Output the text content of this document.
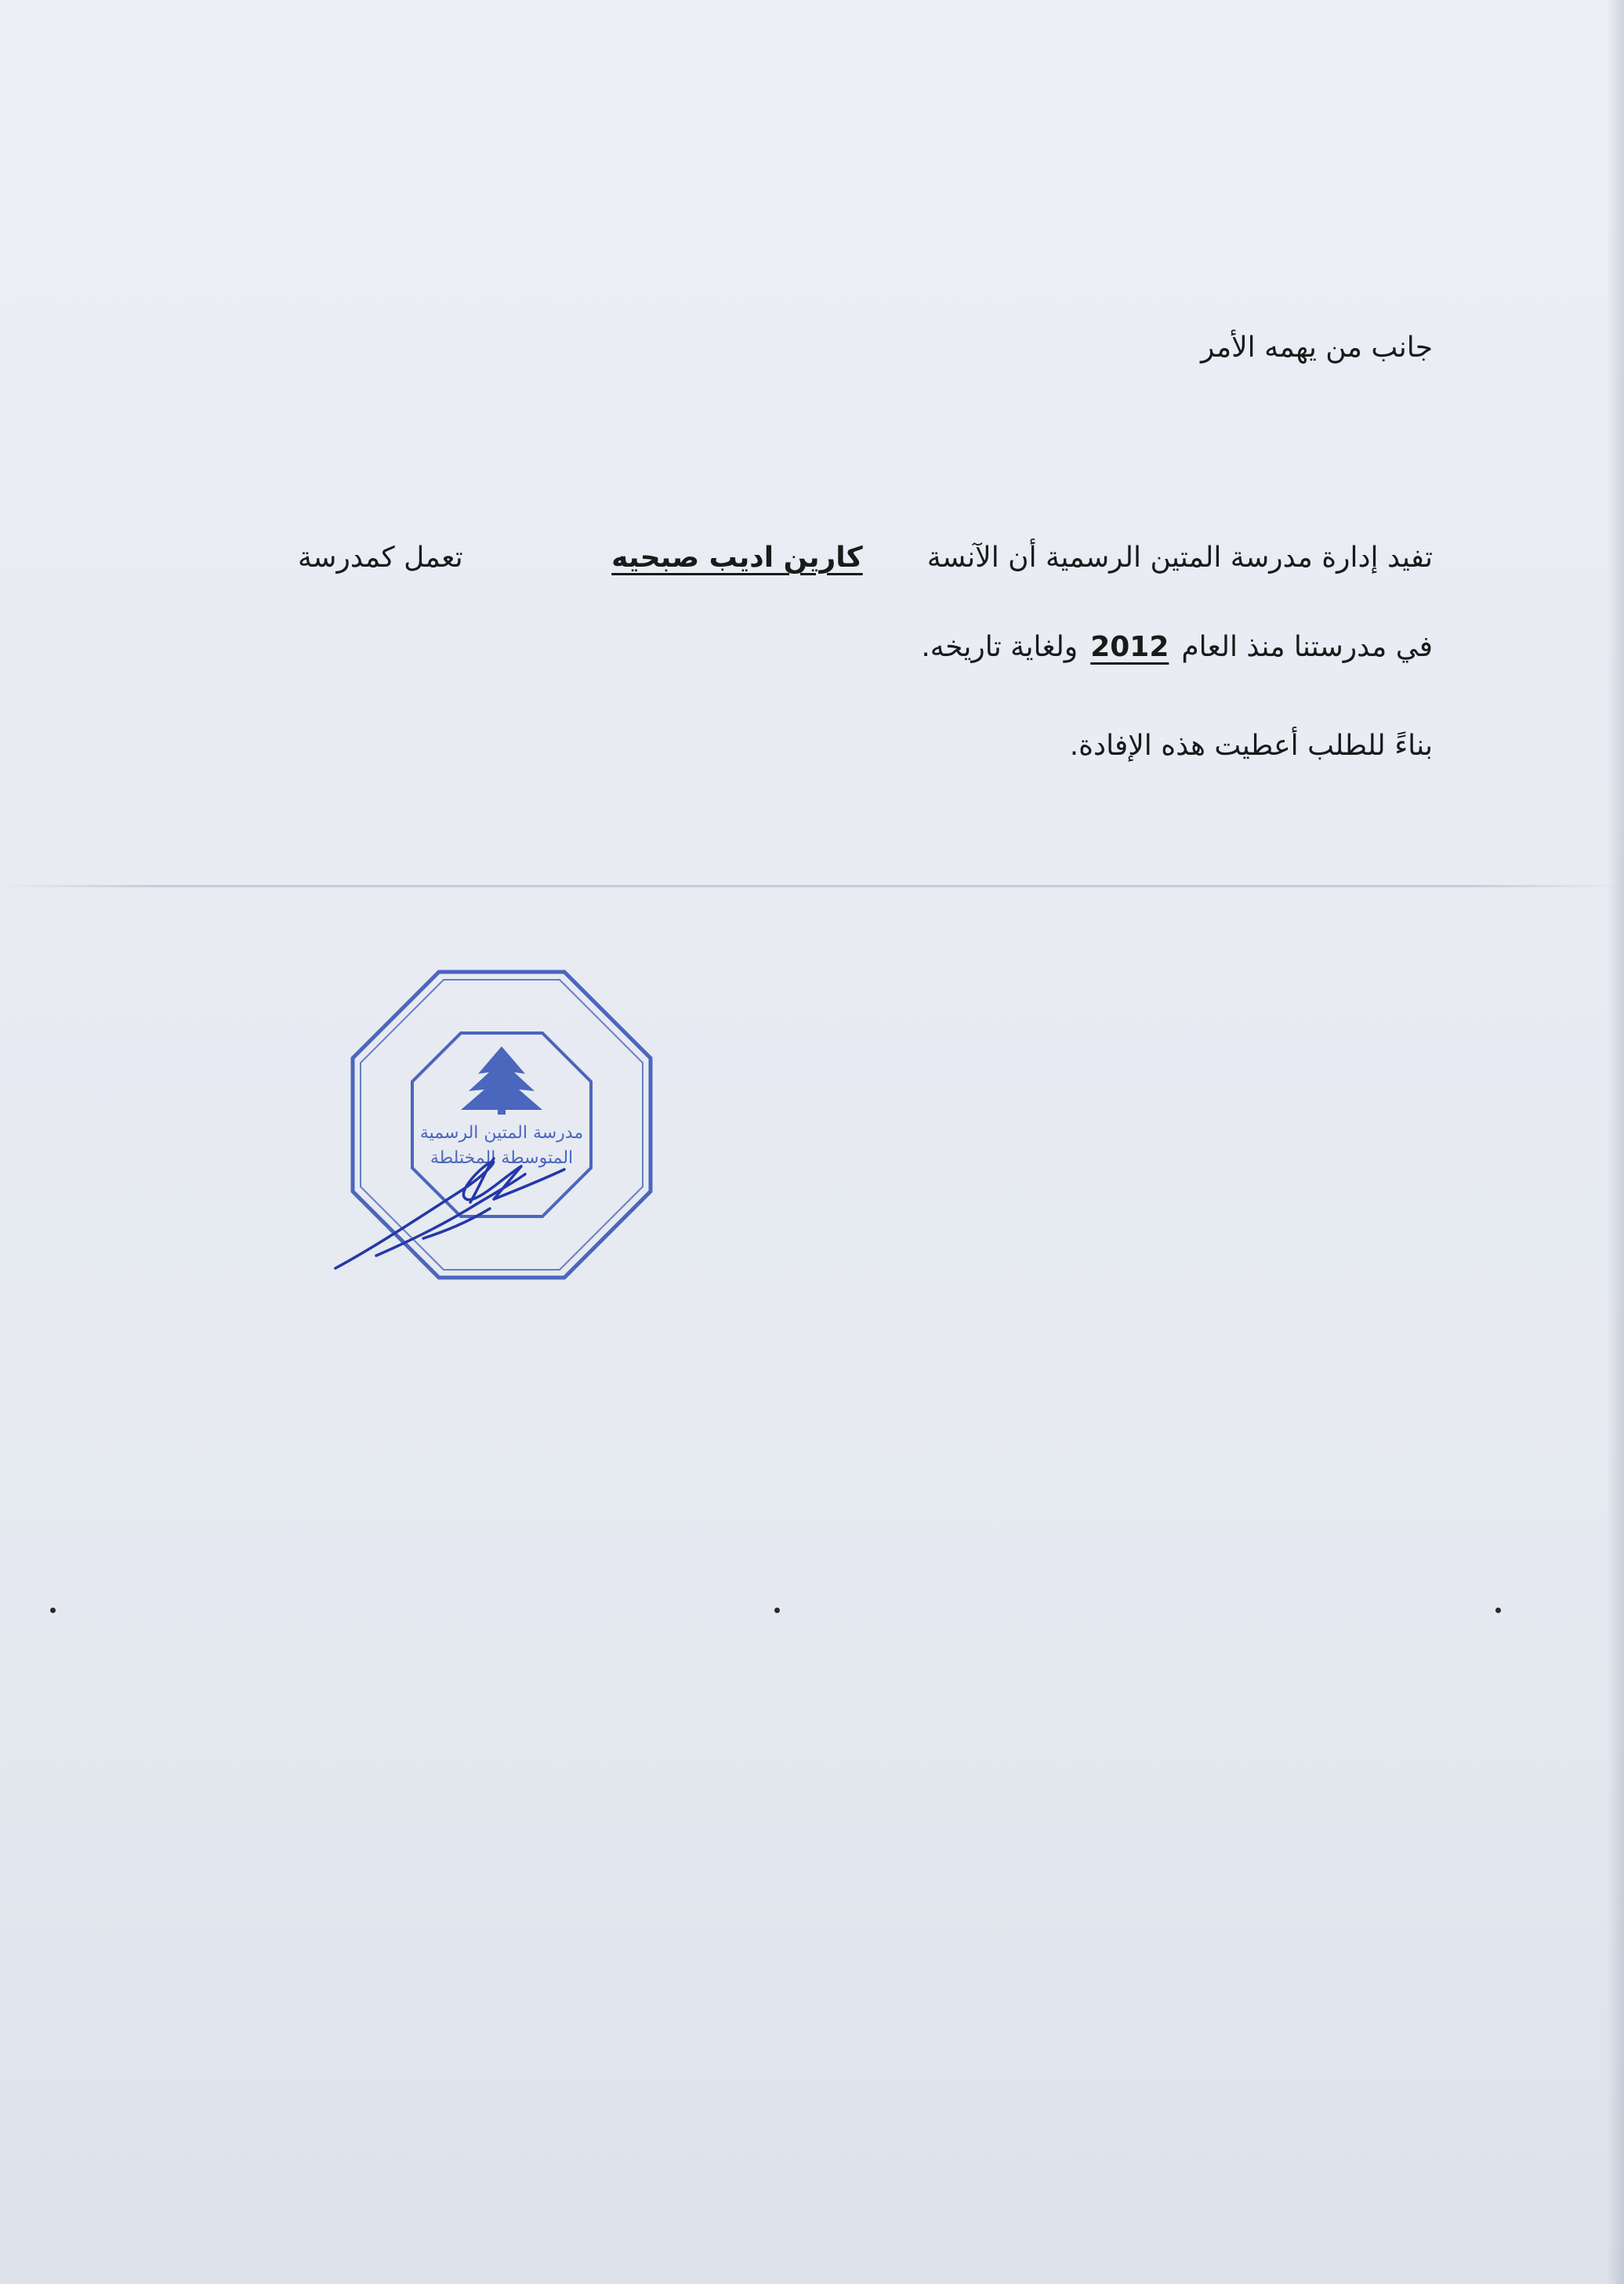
جانب من يهمه الأمر
تفيد إدارة مدرسة المتين الرسمية أن الآنسةكارين اديب صبحيه
تعمل كمدرسة
في مدرستنا منذ العام2012ولغاية تاريخه.
بناءً للطلب أعطيت هذه الإفادة.
مدرسة المتين الرسمية
المتوسطة المختلطة
